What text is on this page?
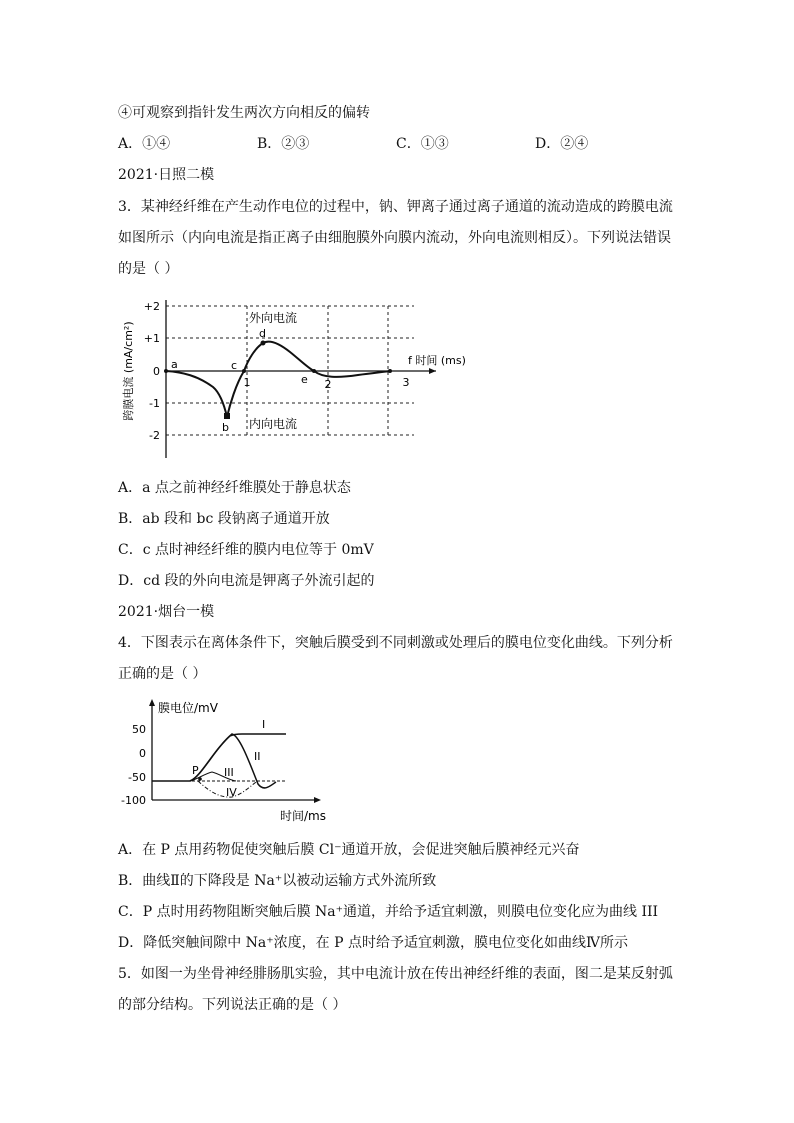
④可观察到指针发生两次方向相反的偏转
A．①④	B．②③	C．①③	D．②④
2021·日照二模
3．某神经纤维在产生动作电位的过程中，钠、钾离子通过离子通道的流动造成的跨膜电流
如图所示（内向电流是指正离子由细胞膜外向膜内流动，外向电流则相反）。下列说法错误
的是（ ）
+2
+1
0
-1
-2
跨膜电流 (mA/cm²)	1	2	3
f 时间 (ms)
外向电流
内向电流
a
b
c
d
e
A．a 点之前神经纤维膜处于静息状态
B．ab 段和 bc 段钠离子通道开放
C．c 点时神经纤维的膜内电位等于 0mV
D．cd 段的外向电流是钾离子外流引起的
2021·烟台一模
4．下图表示在离体条件下，突触后膜受到不同刺激或处理后的膜电位变化曲线。下列分析
正确的是（ ）
膜电位/mV
时间/ms
50
0
-50
-100
P
I
II
III
IV
A．在 P 点用药物促使突触后膜 Cl⁻通道开放，会促进突触后膜神经元兴奋
B．曲线Ⅱ的下降段是 Na⁺以被动运输方式外流所致
C．P 点时用药物阻断突触后膜 Na⁺通道，并给予适宜刺激，则膜电位变化应为曲线 III
D．降低突触间隙中 Na⁺浓度，在 P 点时给予适宜刺激，膜电位变化如曲线Ⅳ所示
5．如图一为坐骨神经腓肠肌实验，其中电流计放在传出神经纤维的表面，图二是某反射弧
的部分结构。下列说法正确的是（ ）
